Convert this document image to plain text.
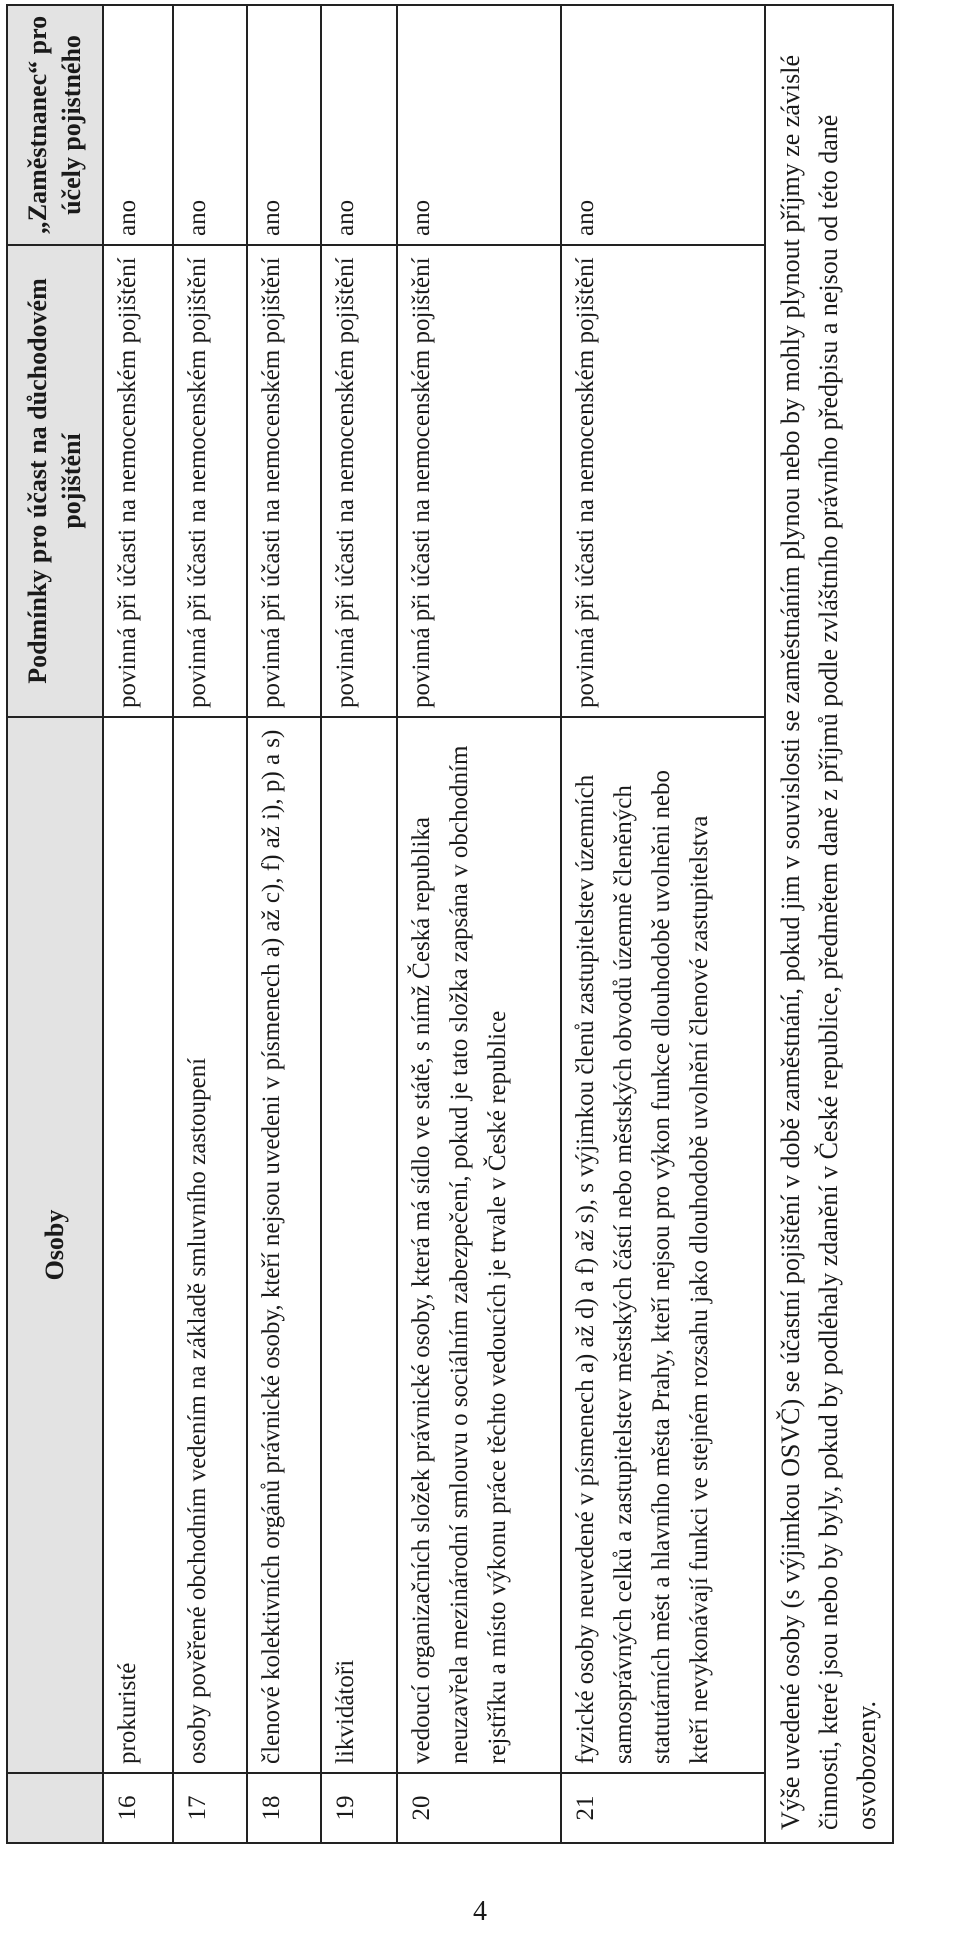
	Osoby	Podmínky pro účast na důchodovém pojištění	„Zaměstnanec“ pro účely pojistného
16	prokuristé	povinná při účasti na nemocenském pojištění	ano
17	osoby pověřené obchodním vedením na základě smluvního zastoupení	povinná při účasti na nemocenském pojištění	ano
18	členové kolektivních orgánů právnické osoby, kteří nejsou uvedeni v písmenech a) až c), f) až i), p) a s)	povinná při účasti na nemocenském pojištění	ano
19	likvidátoři	povinná při účasti na nemocenském pojištění	ano
20	vedoucí organizačních složek právnické osoby, která má sídlo ve státě, s nímž Česká republika neuzavřela mezinárodní smlouvu o sociálním zabezpečení, pokud je tato složka zapsána v obchodním rejstříku a místo výkonu práce těchto vedoucích je trvale v České republice	povinná při účasti na nemocenském pojištění	ano
21	fyzické osoby neuvedené v písmenech a) až d) a f) až s), s výjimkou členů zastupitelstev územních samosprávných celků a zastupitelstev městských částí nebo městských obvodů územně členěných statutárních měst a hlavního města Prahy, kteří nejsou pro výkon funkce dlouhodobě uvolněni nebo kteří nevykonávají funkci ve stejném rozsahu jako dlouhodobě uvolnění členové zastupitelstva	povinná při účasti na nemocenském pojištění	ano
Výše uvedené osoby (s výjimkou OSVČ) se účastní pojištění v době zaměstnání, pokud jim v souvislosti se zaměstnáním plynou nebo by mohly plynout příjmy ze závislé činnosti, které jsou nebo by byly, pokud by podléhaly zdanění v České republice, předmětem daně z příjmů podle zvláštního právního předpisu a nejsou od této daně osvobozeny.			
4
